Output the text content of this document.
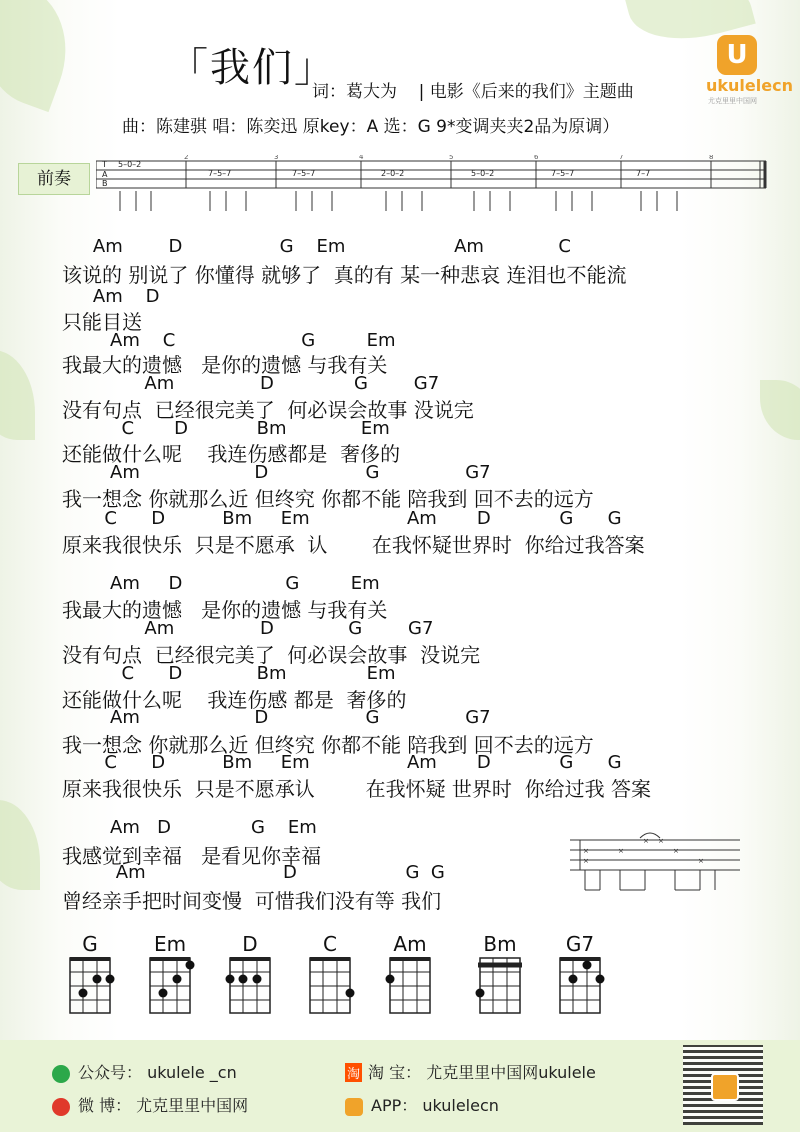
「我们」
词：葛大为 | 电影《后来的我们》主题曲
曲：陈建骐 唱：陈奕迅 原key：A 选：G 9*变调夹夹2品为原调）
U
ukulelecn
尤克里里中国网
前奏
T
A
B
5–0–2
7–5–7	7–5–7	2–0–2	5–0–2	7–5–7	7–7
2	3	4	5	6	7	8
Am        D                 G    Em                   Am             C
该说的 别说了 你懂得 就够了  真的有 某一种悲哀 连泪也不能流
Am    D
只能目送
Am    C                      G         Em
我最大的遗憾   是你的遗憾 与我有关
Am               D              G        G7
没有句点  已经很完美了  何必误会故事 没说完
C       D            Bm             Em
还能做什么呢    我连伤感都是  奢侈的
Am                    D                 G               G7
我一想念 你就那么近 但终究 你都不能 陪我到 回不去的远方
C      D          Bm     Em                 Am       D            G      G
原来我很快乐  只是不愿承  认       在我怀疑世界时  你给过我答案
Am     D                  G         Em
我最大的遗憾   是你的遗憾 与我有关
Am               D             G        G7
没有句点  已经很完美了  何必误会故事  没说完
C      D             Bm              Em
还能做什么呢    我连伤感 都是  奢侈的
Am                    D                 G               G7
我一想念 你就那么近 但终究 你都不能 陪我到 回不去的远方
C      D          Bm     Em                 Am       D            G      G
原来我很快乐  只是不愿承认        在我怀疑 世界时  你给过我 答案
Am   D              G    Em
我感觉到幸福   是看见你幸福
Am                        D                   G  G
曾经亲手把时间变慢  可惜我们没有等 我们
×
×
×
× ×
×
×
G	Em	D	C	Am	Bm	G7
公众号： ukulele _cn
微 博： 尤克里里中国网
淘 淘 宝： 尤克里里中国网ukulele
APP： ukulelecn
